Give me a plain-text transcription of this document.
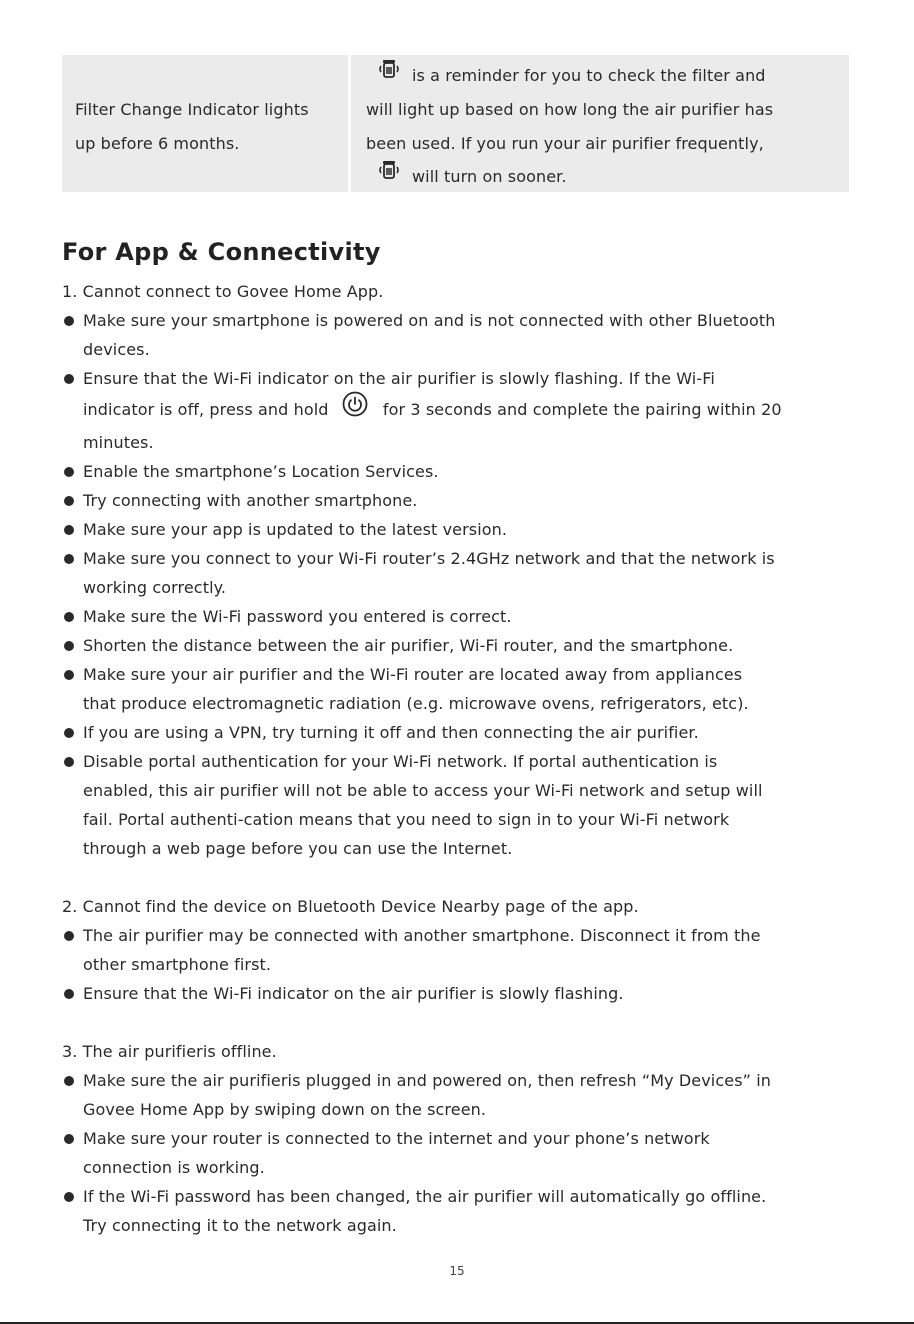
Filter Change Indicator lights

up before 6 months.

is a reminder for you to check the filter and

will light up based on how long the air purifier has

been used. If you run your air purifier frequently,

will turn on sooner.

For App & Connectivity
1. Cannot connect to Govee Home App.
Make sure your smartphone is powered on and is not connected with other Bluetooth
devices.
Ensure that the Wi-Fi indicator on the air purifier is slowly flashing. If the Wi-Fi
indicator is off, press and hold	for 3 seconds and complete the pairing within 20
minutes.
Enable the smartphone’s Location Services.
Try connecting with another smartphone.
Make sure your app is updated to the latest version.
Make sure you connect to your Wi-Fi router’s 2.4GHz network and that the network is
working correctly.
Make sure the Wi-Fi password you entered is correct.
Shorten the distance between the air purifier, Wi-Fi router, and the smartphone.
Make sure your air purifier and the Wi-Fi router are located away from appliances
that produce electromagnetic radiation (e.g. microwave ovens, refrigerators, etc).
If you are using a VPN, try turning it off and then connecting the air purifier.
Disable portal authentication for your Wi-Fi network. If portal authentication is
enabled, this air purifier will not be able to access your Wi-Fi network and setup will
fail. Portal authenti-cation means that you need to sign in to your Wi-Fi network
through a web page before you can use the Internet.
2. Cannot find the device on Bluetooth Device Nearby page of the app.
The air purifier may be connected with another smartphone. Disconnect it from the
other smartphone first.
Ensure that the Wi-Fi indicator on the air purifier is slowly flashing.
3. The air purifieris offline.
Make sure the air purifieris plugged in and powered on, then refresh “My Devices” in
Govee Home App by swiping down on the screen.
Make sure your router is connected to the internet and your phone’s network
connection is working.
If the Wi-Fi password has been changed, the air purifier will automatically go offline.
Try connecting it to the network again.
15
